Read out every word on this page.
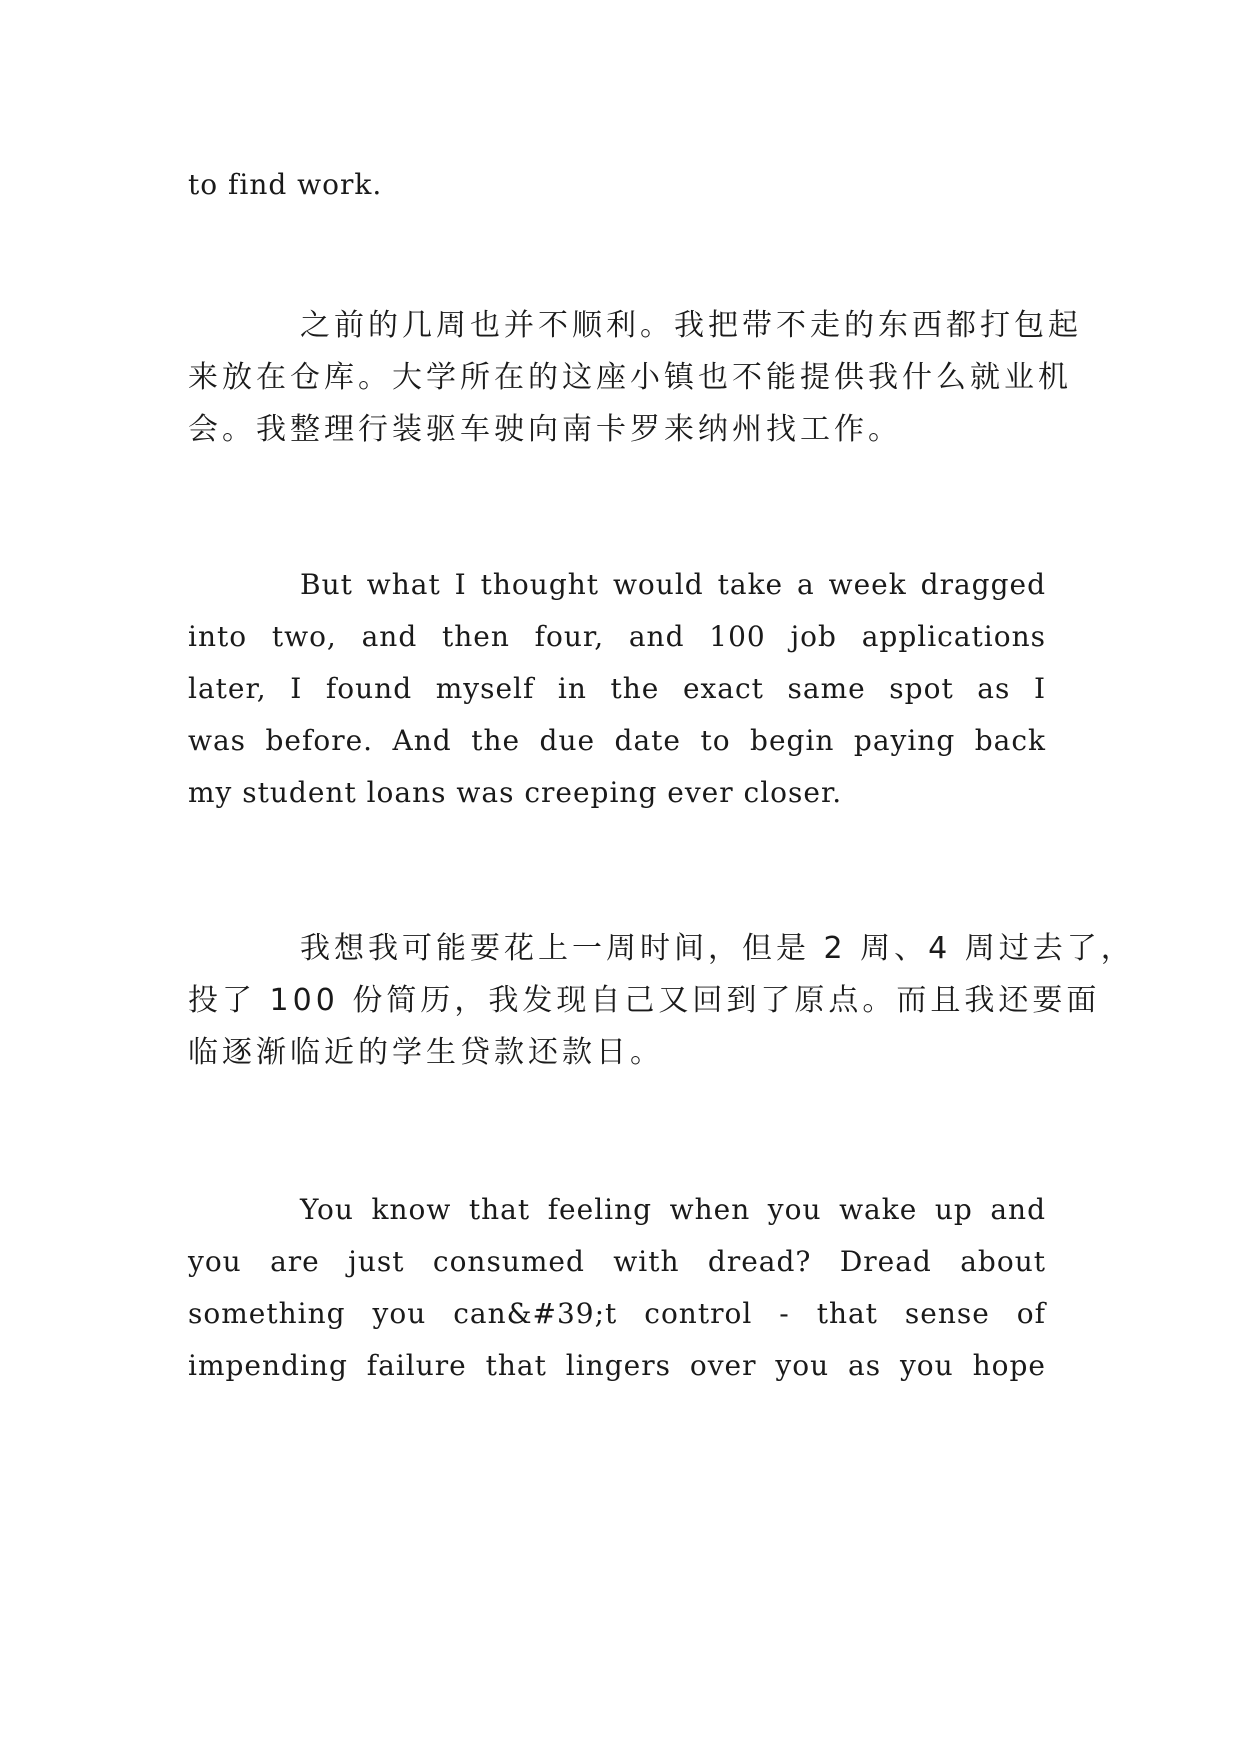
to find work.
之前的几周也并不顺利。我把带不走的东西都打包起
来放在仓库。大学所在的这座小镇也不能提供我什么就业机
会。我整理行装驱车驶向南卡罗来纳州找工作。
But what I thought would take a week dragged
into two, and then four, and 100 job applications
later, I found myself in the exact same spot as I
was before. And the due date to begin paying back
my student loans was creeping ever closer.
我想我可能要花上一周时间，但是 2 周、4 周过去了，
投了 100 份简历，我发现自己又回到了原点。而且我还要面
临逐渐临近的学生贷款还款日。
You know that feeling when you wake up and
you are just consumed with dread? Dread about
something you can&#39;t control - that sense of
impending failure that lingers over you as you hope
